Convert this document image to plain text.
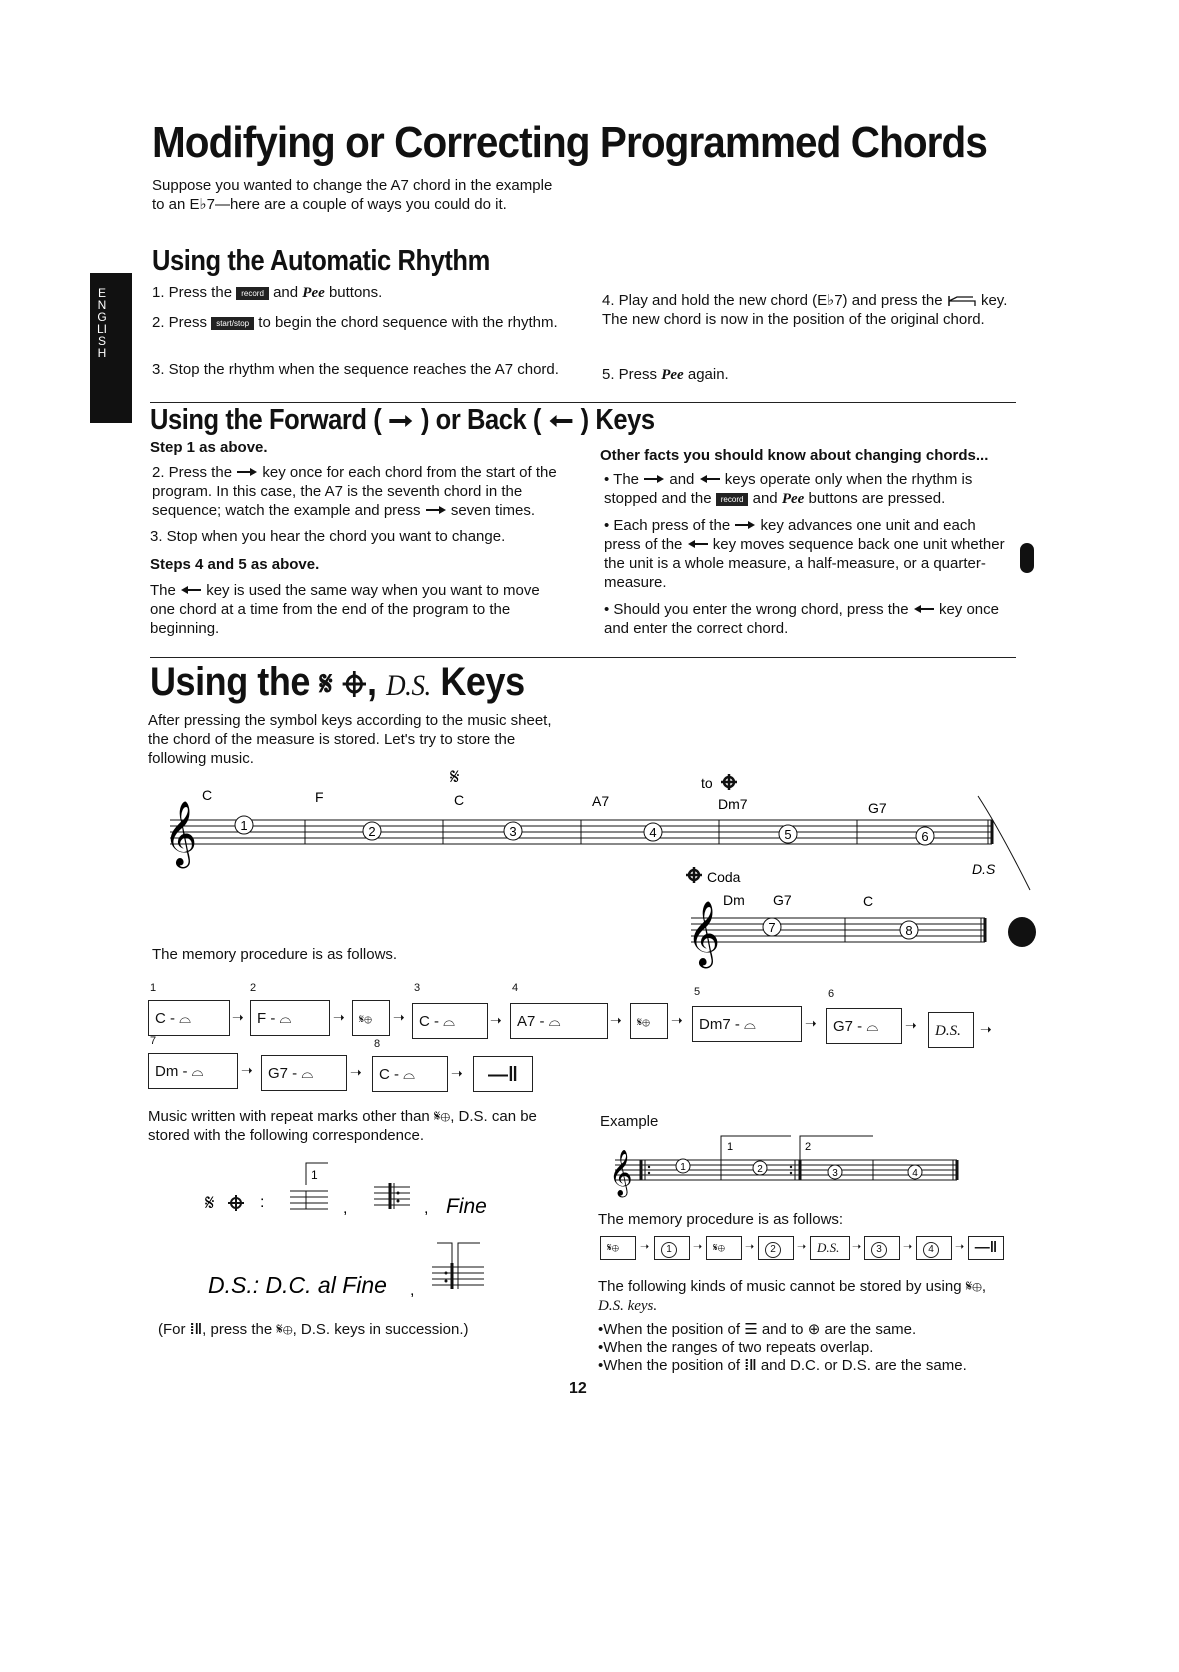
Modifying or Correcting Programmed Chords
ENGLISH
Suppose you wanted to change the A7 chord in the example to an E♭7—here are a couple of ways you could do it.
Using the Automatic Rhythm
1. Press the record and Pee buttons.
2. Press start/stop to begin the chord sequence with the rhythm.
3. Stop the rhythm when the sequence reaches the A7 chord.
4. Play and hold the new chord (E♭7) and press the	key. The new chord is now in the position of the original chord.
5. Press Pee again.
Using the Forward ( ) or Back ( ) Keys
Step 1 as above.
2. Press the key once for each chord from the start of the program. In this case, the A7 is the seventh chord in the sequence; watch the example and press seven times.
3. Stop when you hear the chord you want to change.
Steps 4 and 5 as above.
The key is used the same way when you want to move one chord at a time from the end of the program to the beginning.
Other facts you should know about changing chords...
• The and keys operate only when the rhythm is stopped and the record and Pee buttons are pressed.
• Each press of the key advances one unit and each press of the key moves sequence back one unit whether the unit is a whole measure, a half-measure, or a quarter-measure.
• Should you enter the wrong chord, press the key once and enter the correct chord.
Using the 𝄋 , D.S. Keys
After pressing the symbol keys according to the music sheet, the chord of the measure is stored. Let's try to store the following music.
𝄞	1	2	3	4	5	6
C	F	C	A7	Dm7	G7
𝄋	to
D.S
Coda
Dm G7	C
𝄞	7	8
The memory procedure is as follows.
1
C - ⌓	➝
2
F - ⌓	➝	𝄋⊕	➝
3
C - ⌓	➝
4
A7 - ⌓	➝	𝄋⊕	➝
5
Dm7 - ⌓	➝
6
G7 - ⌓	➝	D.S.	➝
7
Dm - ⌓	➝	G7 - ⌓	➝
8
C - ⌓	➝	—‖
Music written with repeat marks other than 𝄋⊕, D.S. can be stored with the following correspondence.
𝄋	:
1
,	, Fine
D.S.: D.C. al Fine ,
(For ⁞‖, press the 𝄋⊕, D.S. keys in succession.)
Example
1	2
𝄞	1	2	3	4
The memory procedure is as follows:
𝄋⊕	➝	1	➝ 𝄋⊕	➝	2	➝ D.S.	➝	3	➝	4	➝ —‖
The following kinds of music cannot be stored by using 𝄋⊕,
D.S. keys.
•When the position of ☰ and to ⊕ are the same.
•When the ranges of two repeats overlap.
•When the position of ⁞‖ and D.C. or D.S. are the same.
12
